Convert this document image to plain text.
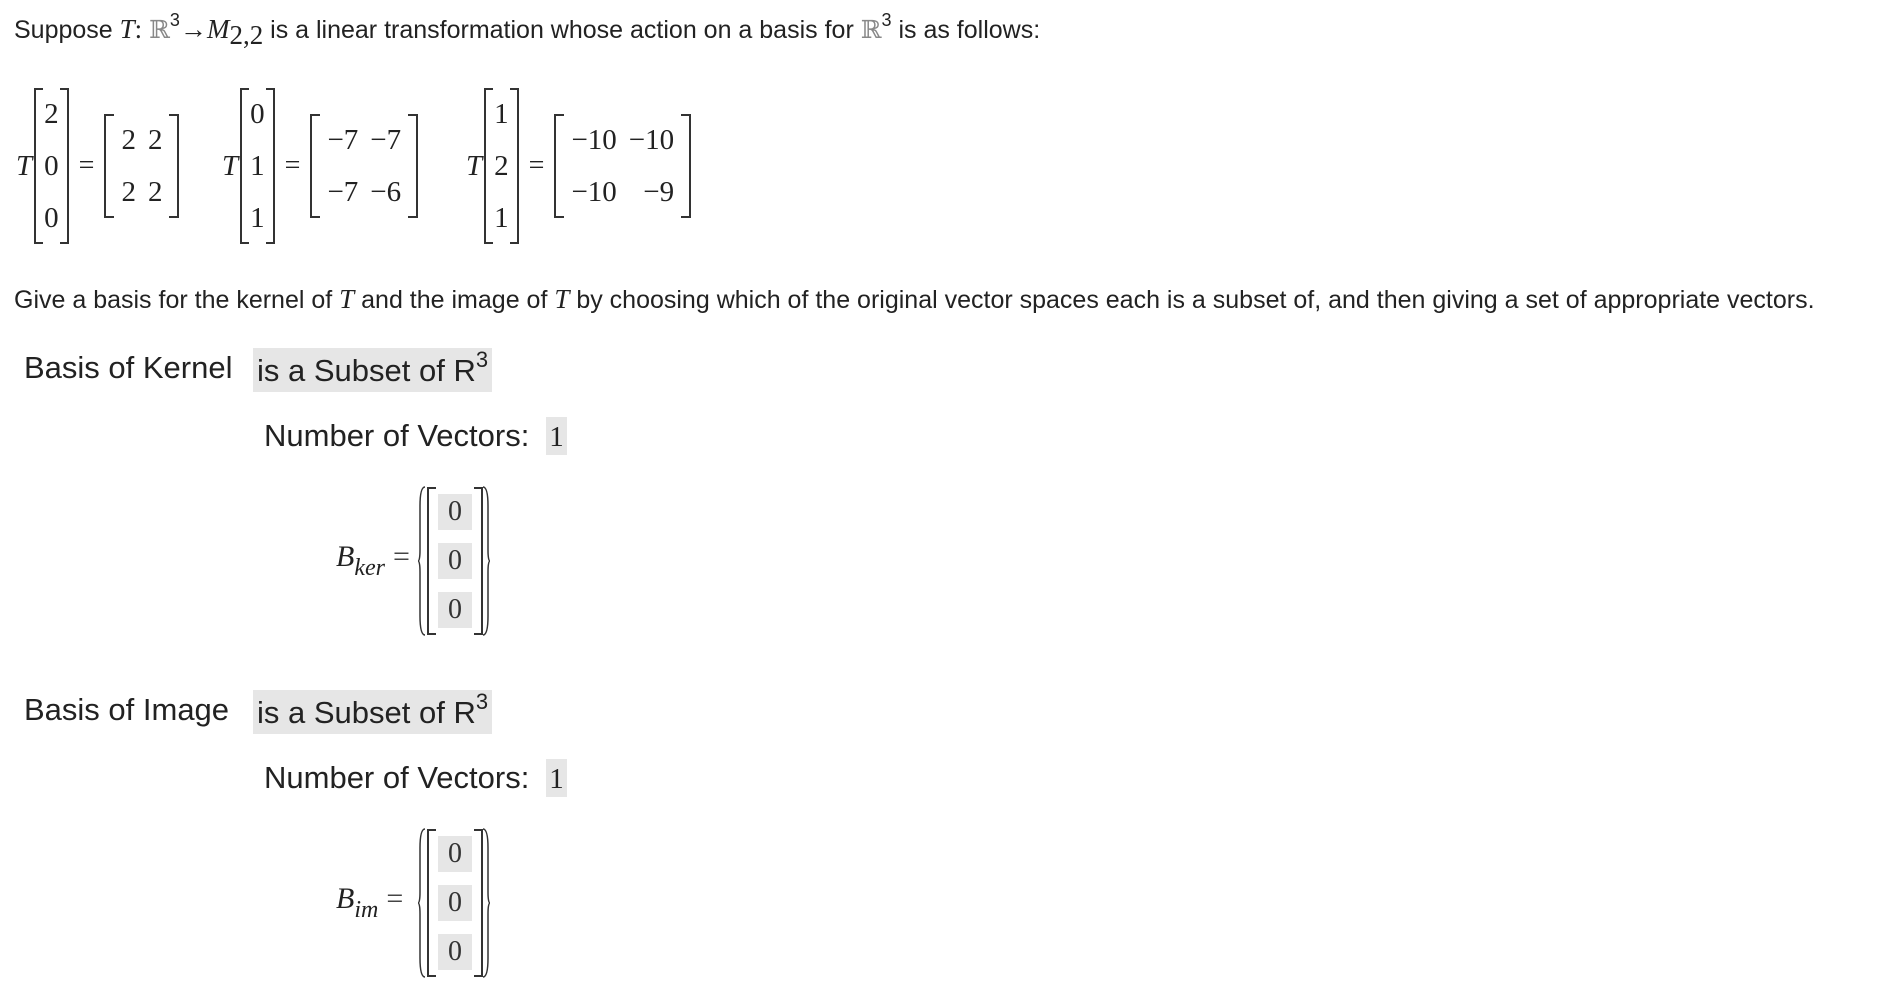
Suppose T: $ℝ^3\to M_{2,2}$ is a linear transformation whose action on a basis for ℝ$^3$ is as follows:
T
2
0
0
=
2	2
2	2
T
0
1
1
=
−7	−7
−7	−6
T
1
2
1
=
−10	−10
−10	−9
Give a basis for the kernel of T and the image of T by choosing which of the original vector spaces each is a subset of, and then giving a set of appropriate vectors.
Basis of Kernel is a Subset of $R^3$
Number of Vectors: 1
$B_{ker}$ =
0
0
0
Basis of Image is a Subset of $R^3$
Number of Vectors: 1
$B_{im}$ =
0
0
0
